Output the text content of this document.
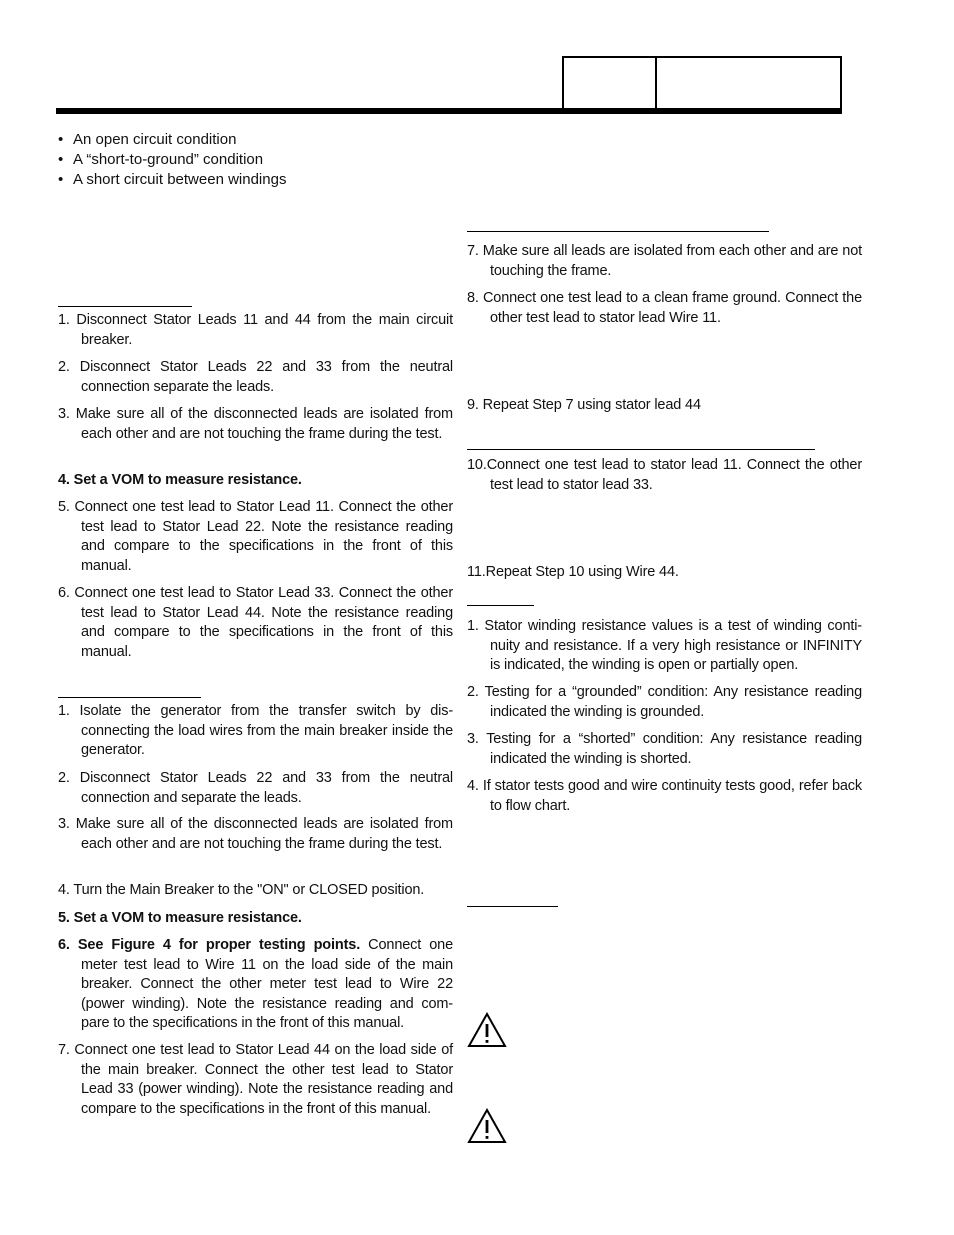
• An open circuit condition
• A “short-to-ground” condition
• A short circuit between windings

1. Disconnect Stator Leads 11 and 44 from the main circuit breaker.

2. Disconnect Stator Leads 22 and 33 from the neutral connection separate the leads.

3. Make sure all of the disconnected leads are isolated from each other and are not touching the frame during the test.

4. Set a VOM to measure resistance.

5. Connect one test lead to Stator Lead 11. Connect the other test lead to Stator Lead 22. Note the resistance reading and compare to the specifications in the front of this manual.

6. Connect one test lead to Stator Lead 33. Connect the other test lead to Stator Lead 44. Note the resistance reading and compare to the specifications in the front of this manual.

1. Isolate the generator from the transfer switch by dis-connecting the load wires from the main breaker inside the generator.

2. Disconnect Stator Leads 22 and 33 from the neutral connection and separate the leads.

3. Make sure all of the disconnected leads are isolated from each other and are not touching the frame during the test.

4. Turn the Main Breaker to the "ON" or CLOSED position.

5. Set a VOM to measure resistance.

6. See Figure 4 for proper testing points. Connect one meter test lead to Wire 11 on the load side of the main breaker. Connect the other meter test lead to Wire 22 (power winding). Note the resistance reading and com-pare to the specifications in the front of this manual.

7. Connect one test lead to Stator Lead 44 on the load side of the main breaker. Connect the other test lead to Stator Lead 33 (power winding). Note the resistance reading and compare to the specifications in the front of this manual.

7. Make sure all leads are isolated from each other and are not touching the frame.

8. Connect one test lead to a clean frame ground. Connect the other test lead to stator lead Wire 11.

9. Repeat Step 7 using stator lead 44

10.Connect one test lead to stator lead 11. Connect the other test lead to stator lead 33.

11.Repeat Step 10 using Wire 44.

1. Stator winding resistance values is a test of winding conti-nuity and resistance. If a very high resistance or INFINITY is indicated, the winding is open or partially open.

2. Testing for a “grounded” condition: Any resistance reading indicated the winding is grounded.

3. Testing for a “shorted” condition: Any resistance reading indicated the winding is shorted.

4. If stator tests good and wire continuity tests good, refer back to flow chart.
